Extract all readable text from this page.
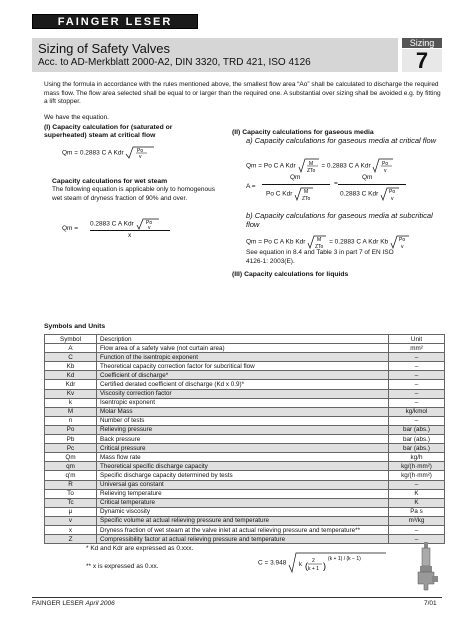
FAINGER LESER
Sizing of Safety Valves
Acc. to AD-Merkblatt 2000-A2, DIN 3320, TRD 421, ISO 4126
Sizing
7
Using the formula in accordance with the rules mentioned above, the smallest flow area “Ao” shall be calculated to discharge the required mass flow. The flow area selected shall be equal to or larger than the required one. A substantial over sizing shall be avoided e.g. by fitting a lift stopper.
We have the equation.
(I) Capacity calculation for (saturated or superheated) steam at critical flow
Qm = 0.2883 C A Kdr	Po
v
Capacity calculations for wet steam
The following equation is applicable only to homogenous wet steam of dryness fraction of 90% and over.
Qm =
0.2883 C A Kdr Po
v
x
(II) Capacity calculations for gaseous media
a) Capacity calculations for gaseous media at critical flow
Qm = Po C A Kdr	M
ZTo
= 0.2883 C A Kdr Po
v
A =
Qm	Qm
=
Po C Kdr M
ZTo
0.2883 C Kdr Po
v
b) Capacity calculations for gaseous media at subcritical flow
Qm = Po C A Kb Kdr M
ZTo
= 0.2883 C A Kdr Kb Po
v
See equation in 8.4 and Table 3 in part 7 of EN ISO 4126-1: 2003(E).
(III) Capacity calculations for liquids
Symbols and Units
Symbol	Description	Unit
A	Flow area of a safety valve (not curtain area)	mm²
C	Function of the isentropic exponent	–
Kb	Theoretical capacity correction factor for subcritical flow	–
Kd	Coefficient of discharge*	–
Kdr	Certified derated coefficient of discharge (Kd x 0.9)*	–
Kv	Viscosity correction factor	–
k	Isentropic exponent	–
M	Molar Mass	kg/kmol
n	Number of tests	–
Po	Relieving pressure	bar (abs.)
Pb	Back pressure	bar (abs.)
Pc	Critical pressure	bar (abs.)
Qm	Mass flow rate	kg/h
qm	Theoretical specific discharge capacity	kg/(h·mm²)
q'm	Specific discharge capacity determined by tests	kg/(h·mm²)
R	Universal gas constant	–
To	Relieving temperature	K
Tc	Critical temperature	K
μ	Dynamic viscosity	Pa s
v	Specific volume at actual relieving pressure and temperature	m³/kg
x	Dryness fraction of wet steam at the valve inlet at actual relieving pressure and temperature**	–
Z	Compressibility factor at actual relieving pressure and temperature	–
* Kd and Kdr are expressed as 0.xxx.
** x is expressed as 0.xx.	C = 3.948 k ( 2
k + 1 )
(k + 1) / (k − 1)
FAINGER LESER April 2006	7/01
